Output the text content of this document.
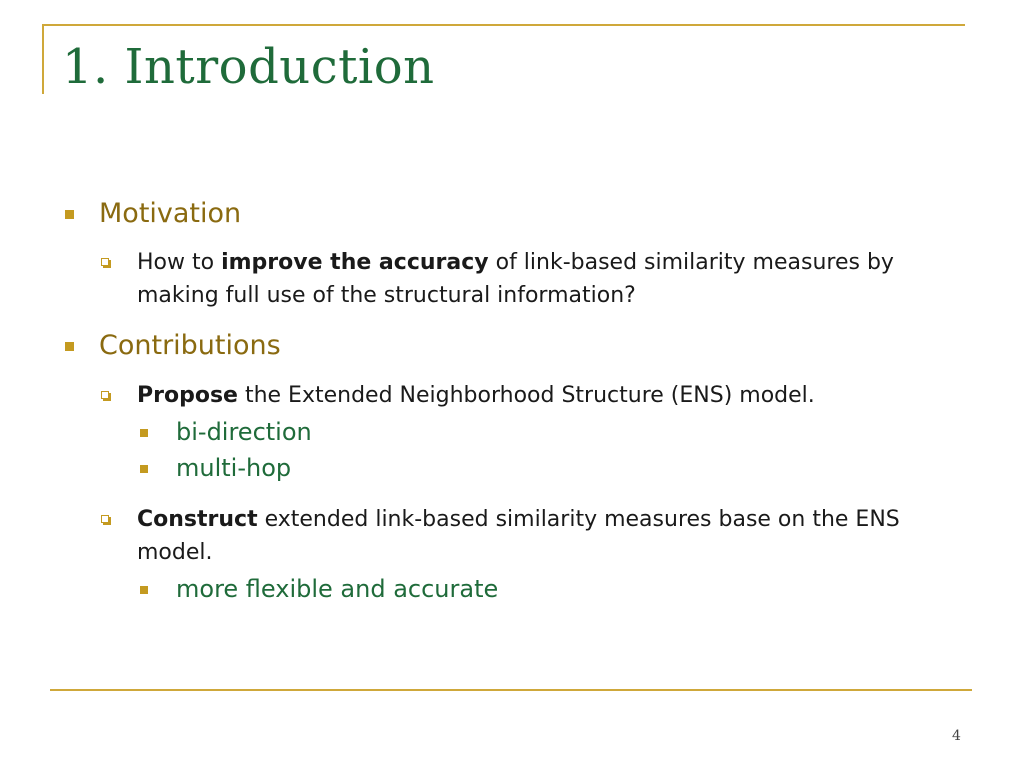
1. Introduction
Motivation
How to improve the accuracy of link-based similarity measures by making full use of the structural information?
Contributions
Propose the Extended Neighborhood Structure (ENS) model.
bi-direction
multi-hop
Construct extended link-based similarity measures base on the ENS model.
more flexible and accurate
4
